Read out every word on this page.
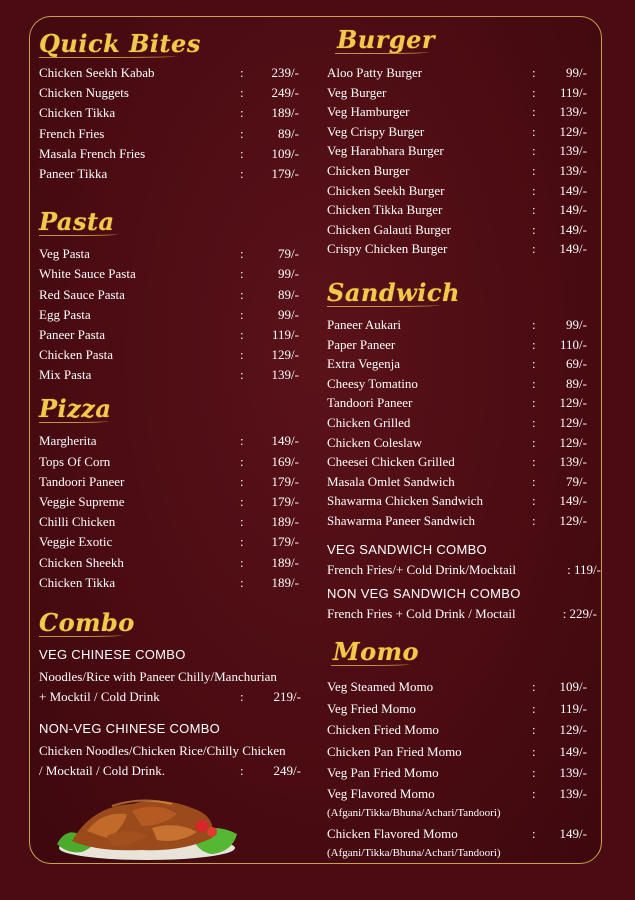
Quick Bites
Chicken Seekh Kabab	: 239/-
Chicken Nuggets	: 249/-
Chicken Tikka	: 189/-
French Fries	:	89/-
Masala French Fries	: 109/-
Paneer Tikka	: 179/-
Pasta
Veg Pasta	:	79/-
White Sauce Pasta	:	99/-
Red Sauce Pasta	:	89/-
Egg Pasta	:	99/-
Paneer Pasta	: 119/-
Chicken Pasta	: 129/-
Mix Pasta	: 139/-
Pizza
Margherita	: 149/-
Tops Of Corn	: 169/-
Tandoori Paneer	: 179/-
Veggie Supreme	: 179/-
Chilli Chicken	: 189/-
Veggie Exotic	: 179/-
Chicken Sheekh	: 189/-
Chicken Tikka	: 189/-
Combo
VEG CHINESE COMBO
Noodles/Rice with Paneer Chilly/Manchurian
+ Mocktil / Cold Drink	: 219/-
NON-VEG CHINESE COMBO
Chicken Noodles/Chicken Rice/Chilly Chicken
/ Mocktail / Cold Drink.	: 249/-
Burger
Aloo Patty Burger	: 99/-
Veg Burger	: 119/-
Veg Hamburger	: 139/-
Veg Crispy Burger	: 129/-
Veg Harabhara Burger	: 139/-
Chicken Burger	: 139/-
Chicken Seekh Burger	: 149/-
Chicken Tikka Burger	: 149/-
Chicken Galauti Burger	: 149/-
Crispy Chicken Burger	: 149/-
Sandwich
Paneer Aukari	: 99/-
Paper Paneer	: 110/-
Extra Vegenja	: 69/-
Cheesy Tomatino	: 89/-
Tandoori Paneer	: 129/-
Chicken Grilled	: 129/-
Chicken Coleslaw	: 129/-
Cheesei Chicken Grilled	: 139/-
Masala Omlet Sandwich	: 79/-
Shawarma Chicken Sandwich	: 149/-
Shawarma Paneer Sandwich	: 129/-
VEG SANDWICH COMBO
French Fries/+ Cold Drink/Mocktail	: 119/-
NON VEG SANDWICH COMBO
French Fries + Cold Drink / Moctail	: 229/-
Momo
Veg Steamed Momo	: 109/-
Veg Fried Momo	: 119/-
Chicken Fried Momo	: 129/-
Chicken Pan Fried Momo	: 149/-
Veg Pan Fried Momo	: 139/-
Veg Flavored Momo	: 139/-
(Afgani/Tikka/Bhuna/Achari/Tandoori)
Chicken Flavored Momo	: 149/-
(Afgani/Tikka/Bhuna/Achari/Tandoori)
